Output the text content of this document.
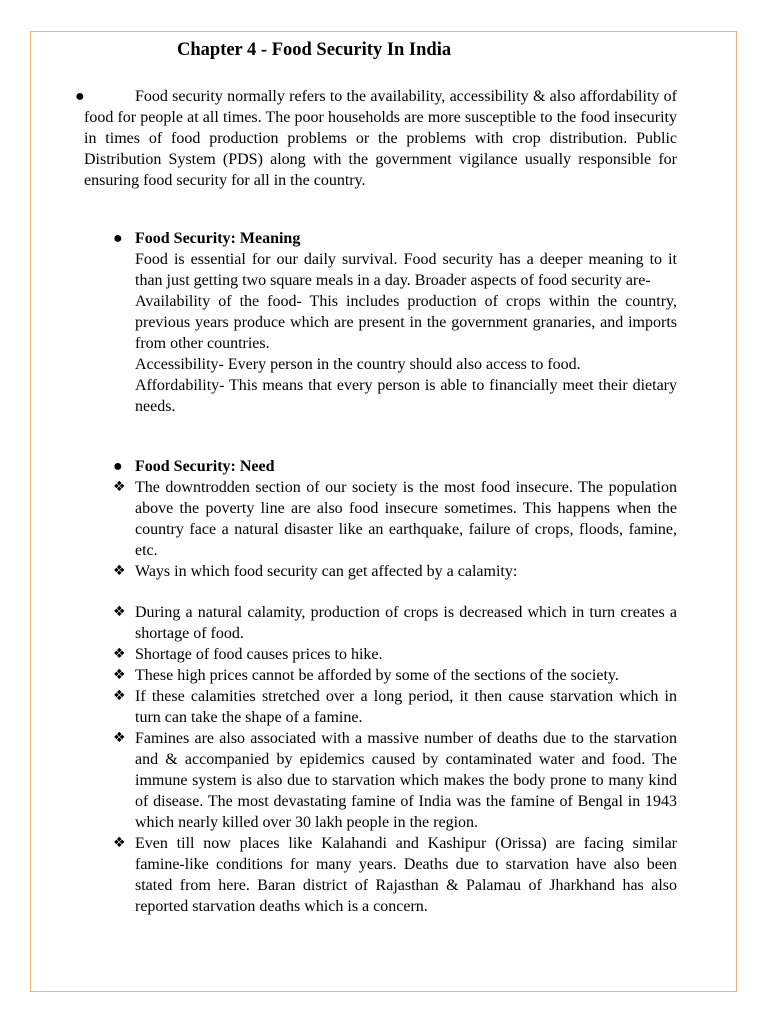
Chapter 4 - Food Security In India
●	Food security normally refers to the availability, accessibility & also affordability of food for people at all times. The poor households are more susceptible to the food insecurity in times of food production problems or the problems with crop distribution. Public Distribution System (PDS) along with the government vigilance usually responsible for ensuring food security for all in the country.

● Food Security: Meaning

Food is essential for our daily survival. Food security has a deeper meaning to it than just getting two square meals in a day. Broader aspects of food security are-

Availability of the food- This includes production of crops within the country, previous years produce which are present in the government granaries, and imports from other countries.

Accessibility- Every person in the country should also access to food.

Affordability- This means that every person is able to financially meet their dietary needs.

● Food Security: Need
❖ The downtrodden section of our society is the most food insecure. The population above the poverty line are also food insecure sometimes. This happens when the country face a natural disaster like an earthquake, failure of crops, floods, famine, etc.
❖ Ways in which food security can get affected by a calamity:
❖ During a natural calamity, production of crops is decreased which in turn creates a shortage of food.
❖ Shortage of food causes prices to hike.
❖ These high prices cannot be afforded by some of the sections of the society.
❖ If these calamities stretched over a long period, it then cause starvation which in turn can take the shape of a famine.
❖ Famines are also associated with a massive number of deaths due to the starvation and & accompanied by epidemics caused by contaminated water and food. The immune system is also due to starvation which makes the body prone to many kind of disease. The most devastating famine of India was the famine of Bengal in 1943 which nearly killed over 30 lakh people in the region.
❖ Even till now places like Kalahandi and Kashipur (Orissa) are facing similar famine-like conditions for many years. Deaths due to starvation have also been stated from here. Baran district of Rajasthan & Palamau of Jharkhand has also reported starvation deaths which is a concern.
